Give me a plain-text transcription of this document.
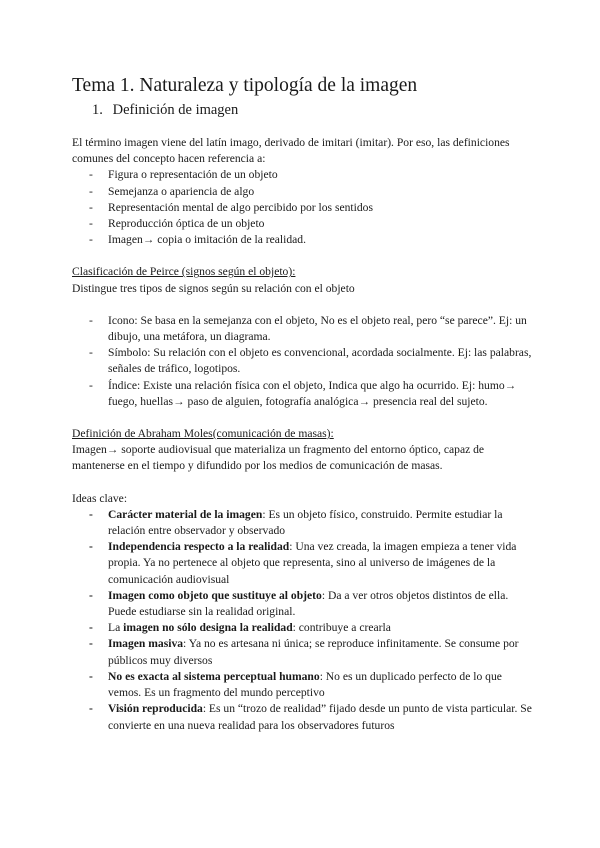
Tema 1. Naturaleza y tipología de la imagen
1. Definición de imagen

El término imagen viene del latín imago, derivado de imitari (imitar). Por eso, las definiciones comunes del concepto hacen referencia a:

- Figura o representación de un objeto
- Semejanza o apariencia de algo
- Representación mental de algo percibido por los sentidos
- Reproducción óptica de un objeto
- Imagen→ copia o imitación de la realidad.

Clasificación de Peirce (signos según el objeto):

Distingue tres tipos de signos según su relación con el objeto

- Icono: Se basa en la semejanza con el objeto, No es el objeto real, pero “se parece”. Ej: un dibujo, una metáfora, un diagrama.
- Símbolo: Su relación con el objeto es convencional, acordada socialmente. Ej: las palabras, señales de tráfico, logotipos.
- Índice: Existe una relación física con el objeto, Indica que algo ha ocurrido. Ej: humo→ fuego, huellas→ paso de alguien, fotografía analógica→ presencia real del sujeto.

Definición de Abraham Moles(comunicación de masas):

Imagen→ soporte audiovisual que materializa un fragmento del entorno óptico, capaz de mantenerse en el tiempo y difundido por los medios de comunicación de masas.

Ideas clave:

- Carácter material de la imagen: Es un objeto físico, construido. Permite estudiar la relación entre observador y observado
- Independencia respecto a la realidad: Una vez creada, la imagen empieza a tener vida propia. Ya no pertenece al objeto que representa, sino al universo de imágenes de la comunicación audiovisual
- Imagen como objeto que sustituye al objeto: Da a ver otros objetos distintos de ella. Puede estudiarse sin la realidad original.
- La imagen no sólo designa la realidad: contribuye a crearla
- Imagen masiva: Ya no es artesana ni única; se reproduce infinitamente. Se consume por públicos muy diversos
- No es exacta al sistema perceptual humano: No es un duplicado perfecto de lo que vemos. Es un fragmento del mundo perceptivo
- Visión reproducida: Es un “trozo de realidad” fijado desde un punto de vista particular. Se convierte en una nueva realidad para los observadores futuros
